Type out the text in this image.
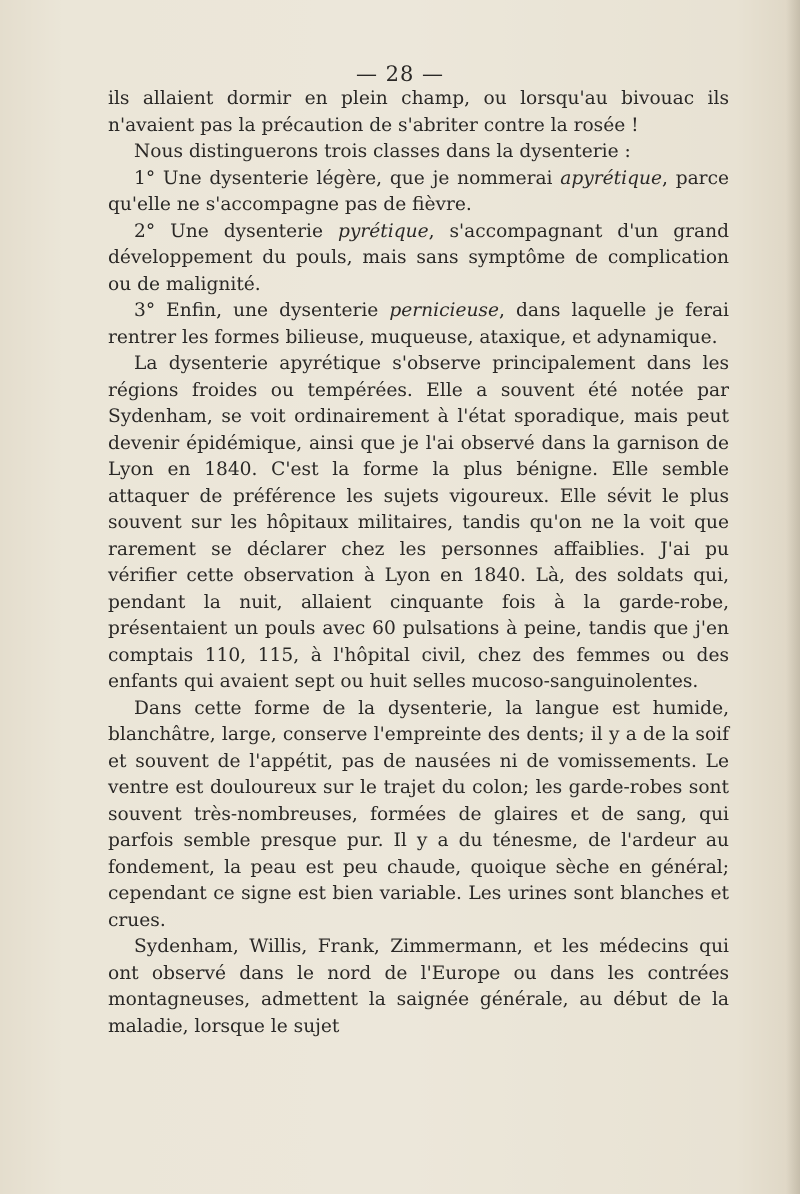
— 28 —

ils allaient dormir en plein champ, ou lorsqu'au bivouac ils n'avaient pas la précaution de s'abriter contre la rosée !

Nous distinguerons trois classes dans la dysenterie :

1° Une dysenterie légère, que je nommerai apyrétique, parce qu'elle ne s'accompagne pas de fièvre.

2° Une dysenterie pyrétique, s'accompagnant d'un grand développement du pouls, mais sans symptôme de complication ou de malignité.

3° Enfin, une dysenterie pernicieuse, dans laquelle je ferai rentrer les formes bilieuse, muqueuse, ataxique, et adynamique.

La dysenterie apyrétique s'observe principalement dans les régions froides ou tempérées. Elle a souvent été notée par Sydenham, se voit ordinairement à l'état sporadique, mais peut devenir épidémique, ainsi que je l'ai observé dans la garnison de Lyon en 1840. C'est la forme la plus bénigne. Elle semble attaquer de préférence les sujets vigoureux. Elle sévit le plus souvent sur les hôpitaux militaires, tandis qu'on ne la voit que rarement se déclarer chez les personnes affaiblies. J'ai pu vérifier cette observation à Lyon en 1840. Là, des soldats qui, pendant la nuit, allaient cinquante fois à la garde-robe, présentaient un pouls avec 60 pulsations à peine, tandis que j'en comptais 110, 115, à l'hôpital civil, chez des femmes ou des enfants qui avaient sept ou huit selles mucoso-sanguinolentes.

Dans cette forme de la dysenterie, la langue est humide, blanchâtre, large, conserve l'empreinte des dents; il y a de la soif et souvent de l'appétit, pas de nausées ni de vomissements. Le ventre est douloureux sur le trajet du colon; les garde-robes sont souvent très-nombreuses, formées de glaires et de sang, qui parfois semble presque pur. Il y a du ténesme, de l'ardeur au fondement, la peau est peu chaude, quoique sèche en général; cependant ce signe est bien variable. Les urines sont blanches et crues.

Sydenham, Willis, Frank, Zimmermann, et les médecins qui ont observé dans le nord de l'Europe ou dans les contrées montagneuses, admettent la saignée générale, au début de la maladie, lorsque le sujet
